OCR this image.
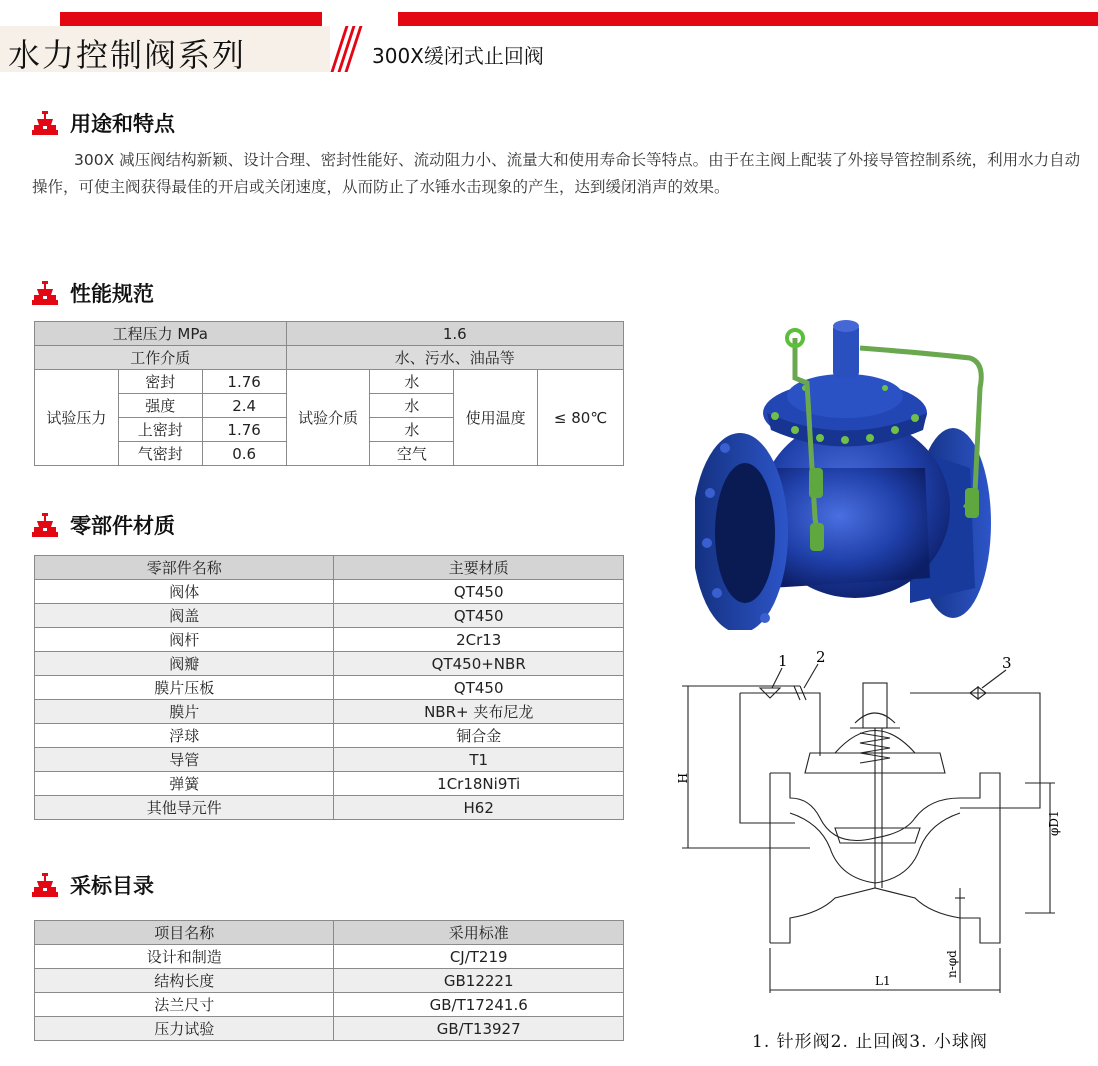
水力控制阀系列	300X缓闭式止回阀
用途和特点
300X 减压阀结构新颖、设计合理、密封性能好、流动阻力小、流量大和使用寿命长等特点。由于在主阀上配装了外接导管控制系统，利用水力自动操作，可使主阀获得最佳的开启或关闭速度，从而防止了水锤水击现象的产生，达到缓闭消声的效果。
性能规范
工程压力 MPa			1.6			
工作介质			水、污水、油品等			
试验压力	密封	1.76	试验介质	水	使用温度	≤ 80℃
	强度	2.4		水		
	上密封	1.76		水		
	气密封	0.6		空气		
零部件材质
零部件名称	主要材质
阀体	QT450
阀盖	QT450
阀杆	2Cr13
阀瓣	QT450+NBR
膜片压板	QT450
膜片	NBR+ 夹布尼龙
浮球	铜合金
导管	T1
弹簧	1Cr18Ni9Ti
其他导元件	H62
采标目录
项目名称	采用标准
设计和制造	CJ/T219
结构长度	GB12221
法兰尺寸	GB/T17241.6
压力试验	GB/T13927
1 2	3
H
φD1
n-φd
L1
1. 针形阀2. 止回阀3. 小球阀
